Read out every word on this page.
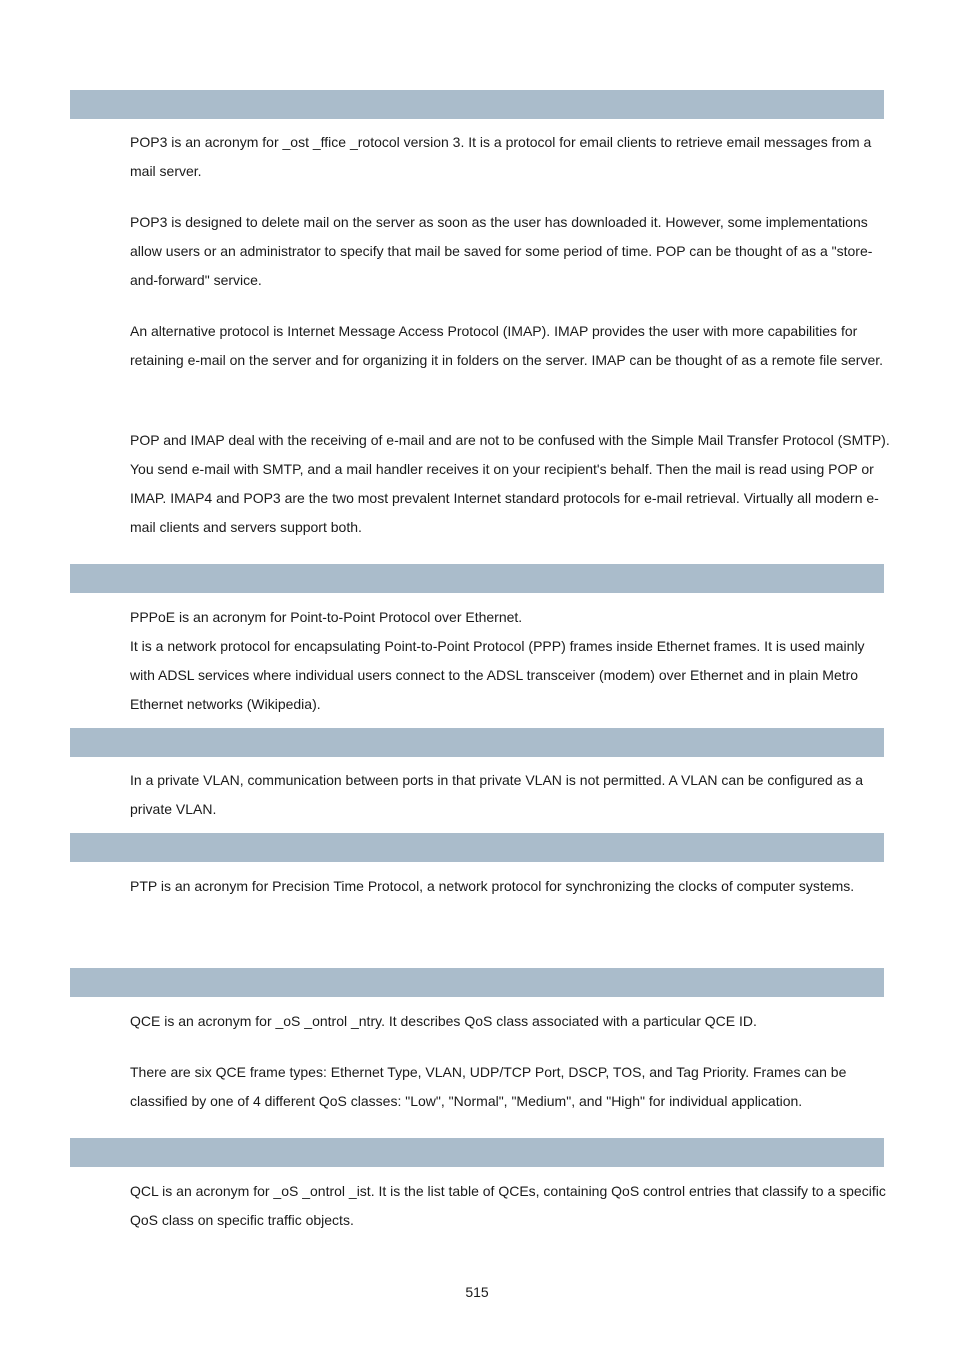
POP3 is an acronym for _ost _ffice _rotocol version 3. It is a protocol for email clients to retrieve email messages from a mail server.

POP3 is designed to delete mail on the server as soon as the user has downloaded it. However, some implementations allow users or an administrator to specify that mail be saved for some period of time. POP can be thought of as a "store-and-forward" service.

An alternative protocol is Internet Message Access Protocol (IMAP). IMAP provides the user with more capabilities for retaining e-mail on the server and for organizing it in folders on the server. IMAP can be thought of as a remote file server.

POP and IMAP deal with the receiving of e-mail and are not to be confused with the Simple Mail Transfer Protocol (SMTP). You send e-mail with SMTP, and a mail handler receives it on your recipient's behalf. Then the mail is read using POP or IMAP. IMAP4 and POP3 are the two most prevalent Internet standard protocols for e-mail retrieval. Virtually all modern e-mail clients and servers support both.

PPPoE is an acronym for Point-to-Point Protocol over Ethernet.

It is a network protocol for encapsulating Point-to-Point Protocol (PPP) frames inside Ethernet frames. It is used mainly with ADSL services where individual users connect to the ADSL transceiver (modem) over Ethernet and in plain Metro Ethernet networks (Wikipedia).

In a private VLAN, communication between ports in that private VLAN is not permitted. A VLAN can be configured as a private VLAN.

PTP is an acronym for Precision Time Protocol, a network protocol for synchronizing the clocks of computer systems.

QCE is an acronym for _oS _ontrol _ntry. It describes QoS class associated with a particular QCE ID.

There are six QCE frame types: Ethernet Type, VLAN, UDP/TCP Port, DSCP, TOS, and Tag Priority. Frames can be classified by one of 4 different QoS classes: "Low", "Normal", "Medium", and "High" for individual application.

QCL is an acronym for _oS _ontrol _ist. It is the list table of QCEs, containing QoS control entries that classify to a specific QoS class on specific traffic objects.

515
